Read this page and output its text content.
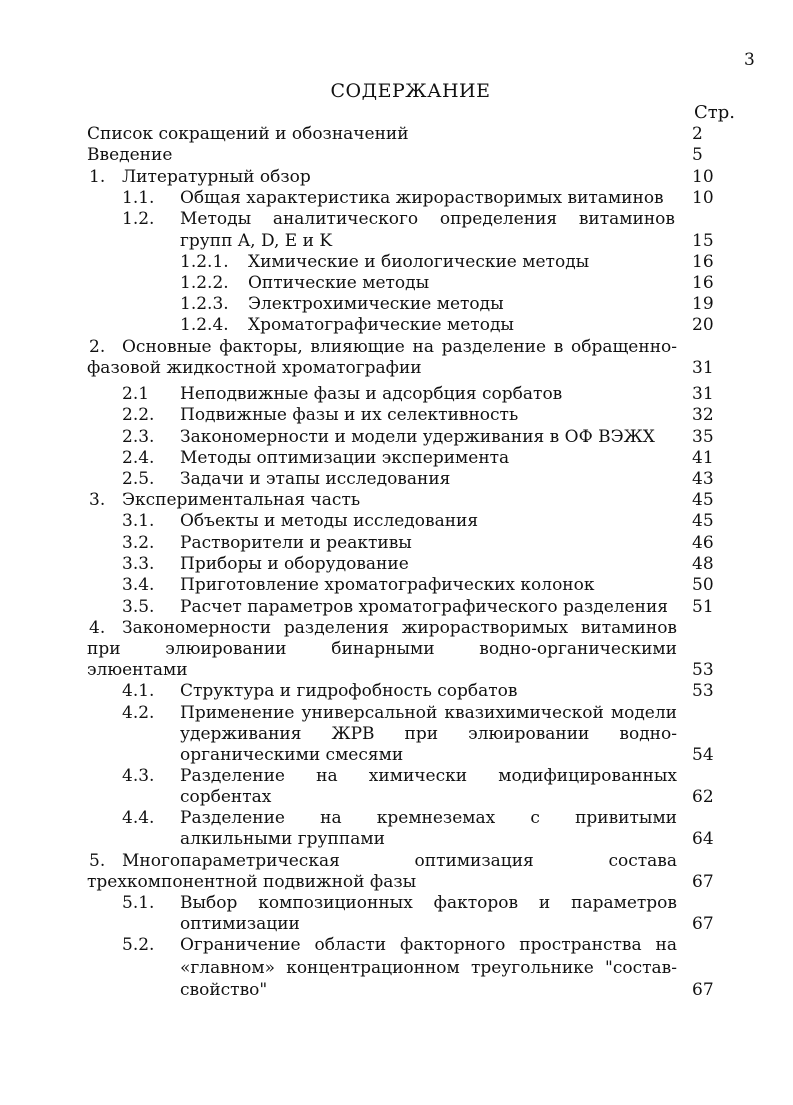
3
СОДЕРЖАНИЕ
Стр.
Список сокращений и обозначений	2
Введение	5
1. Литературный обзор	10
1.1. Общая характеристика жирорастворимых витаминов 10
1.2. Методы аналитического определения витаминов
групп A, D, E и K	15
1.2.1. Химические и биологические методы	16
1.2.2. Оптические методы	16
1.2.3. Электрохимические методы	19
1.2.4. Хроматографические методы	20
2. Основные факторы, влияющие на разделение в обращенно-
фазовой жидкостной хроматографии	31
2.1 Неподвижные фазы и адсорбция сорбатов	31
2.2. Подвижные фазы и их селективность	32
2.3. Закономерности и модели удерживания в ОФ ВЭЖХ 35
2.4. Методы оптимизации эксперимента	41
2.5. Задачи и этапы исследования	43
3. Экспериментальная часть	45
3.1. Объекты и методы исследования	45
3.2. Растворители и реактивы	46
3.3. Приборы и оборудование	48
3.4. Приготовление хроматографических колонок	50
3.5. Расчет параметров хроматографического разделения 51
4. Закономерности разделения жирорастворимых витаминов
при элюировании бинарными водно-органическими
элюентами	53
4.1. Структура и гидрофобность сорбатов	53
4.2. Применение универсальной квазихимической модели
удерживания ЖРВ при элюировании водно-
органическими смесями	54
4.3. Разделение на химически модифицированных
сорбентах	62
4.4. Разделение на кремнеземах с привитыми
алкильными группами	64
5. Многопараметрическая оптимизация состава
трехкомпонентной подвижной фазы	67
5.1. Выбор композиционных факторов и параметров
оптимизации	67
5.2. Ограничение области факторного пространства на
«главном» концентрационном треугольнике "состав-
свойство"	67
